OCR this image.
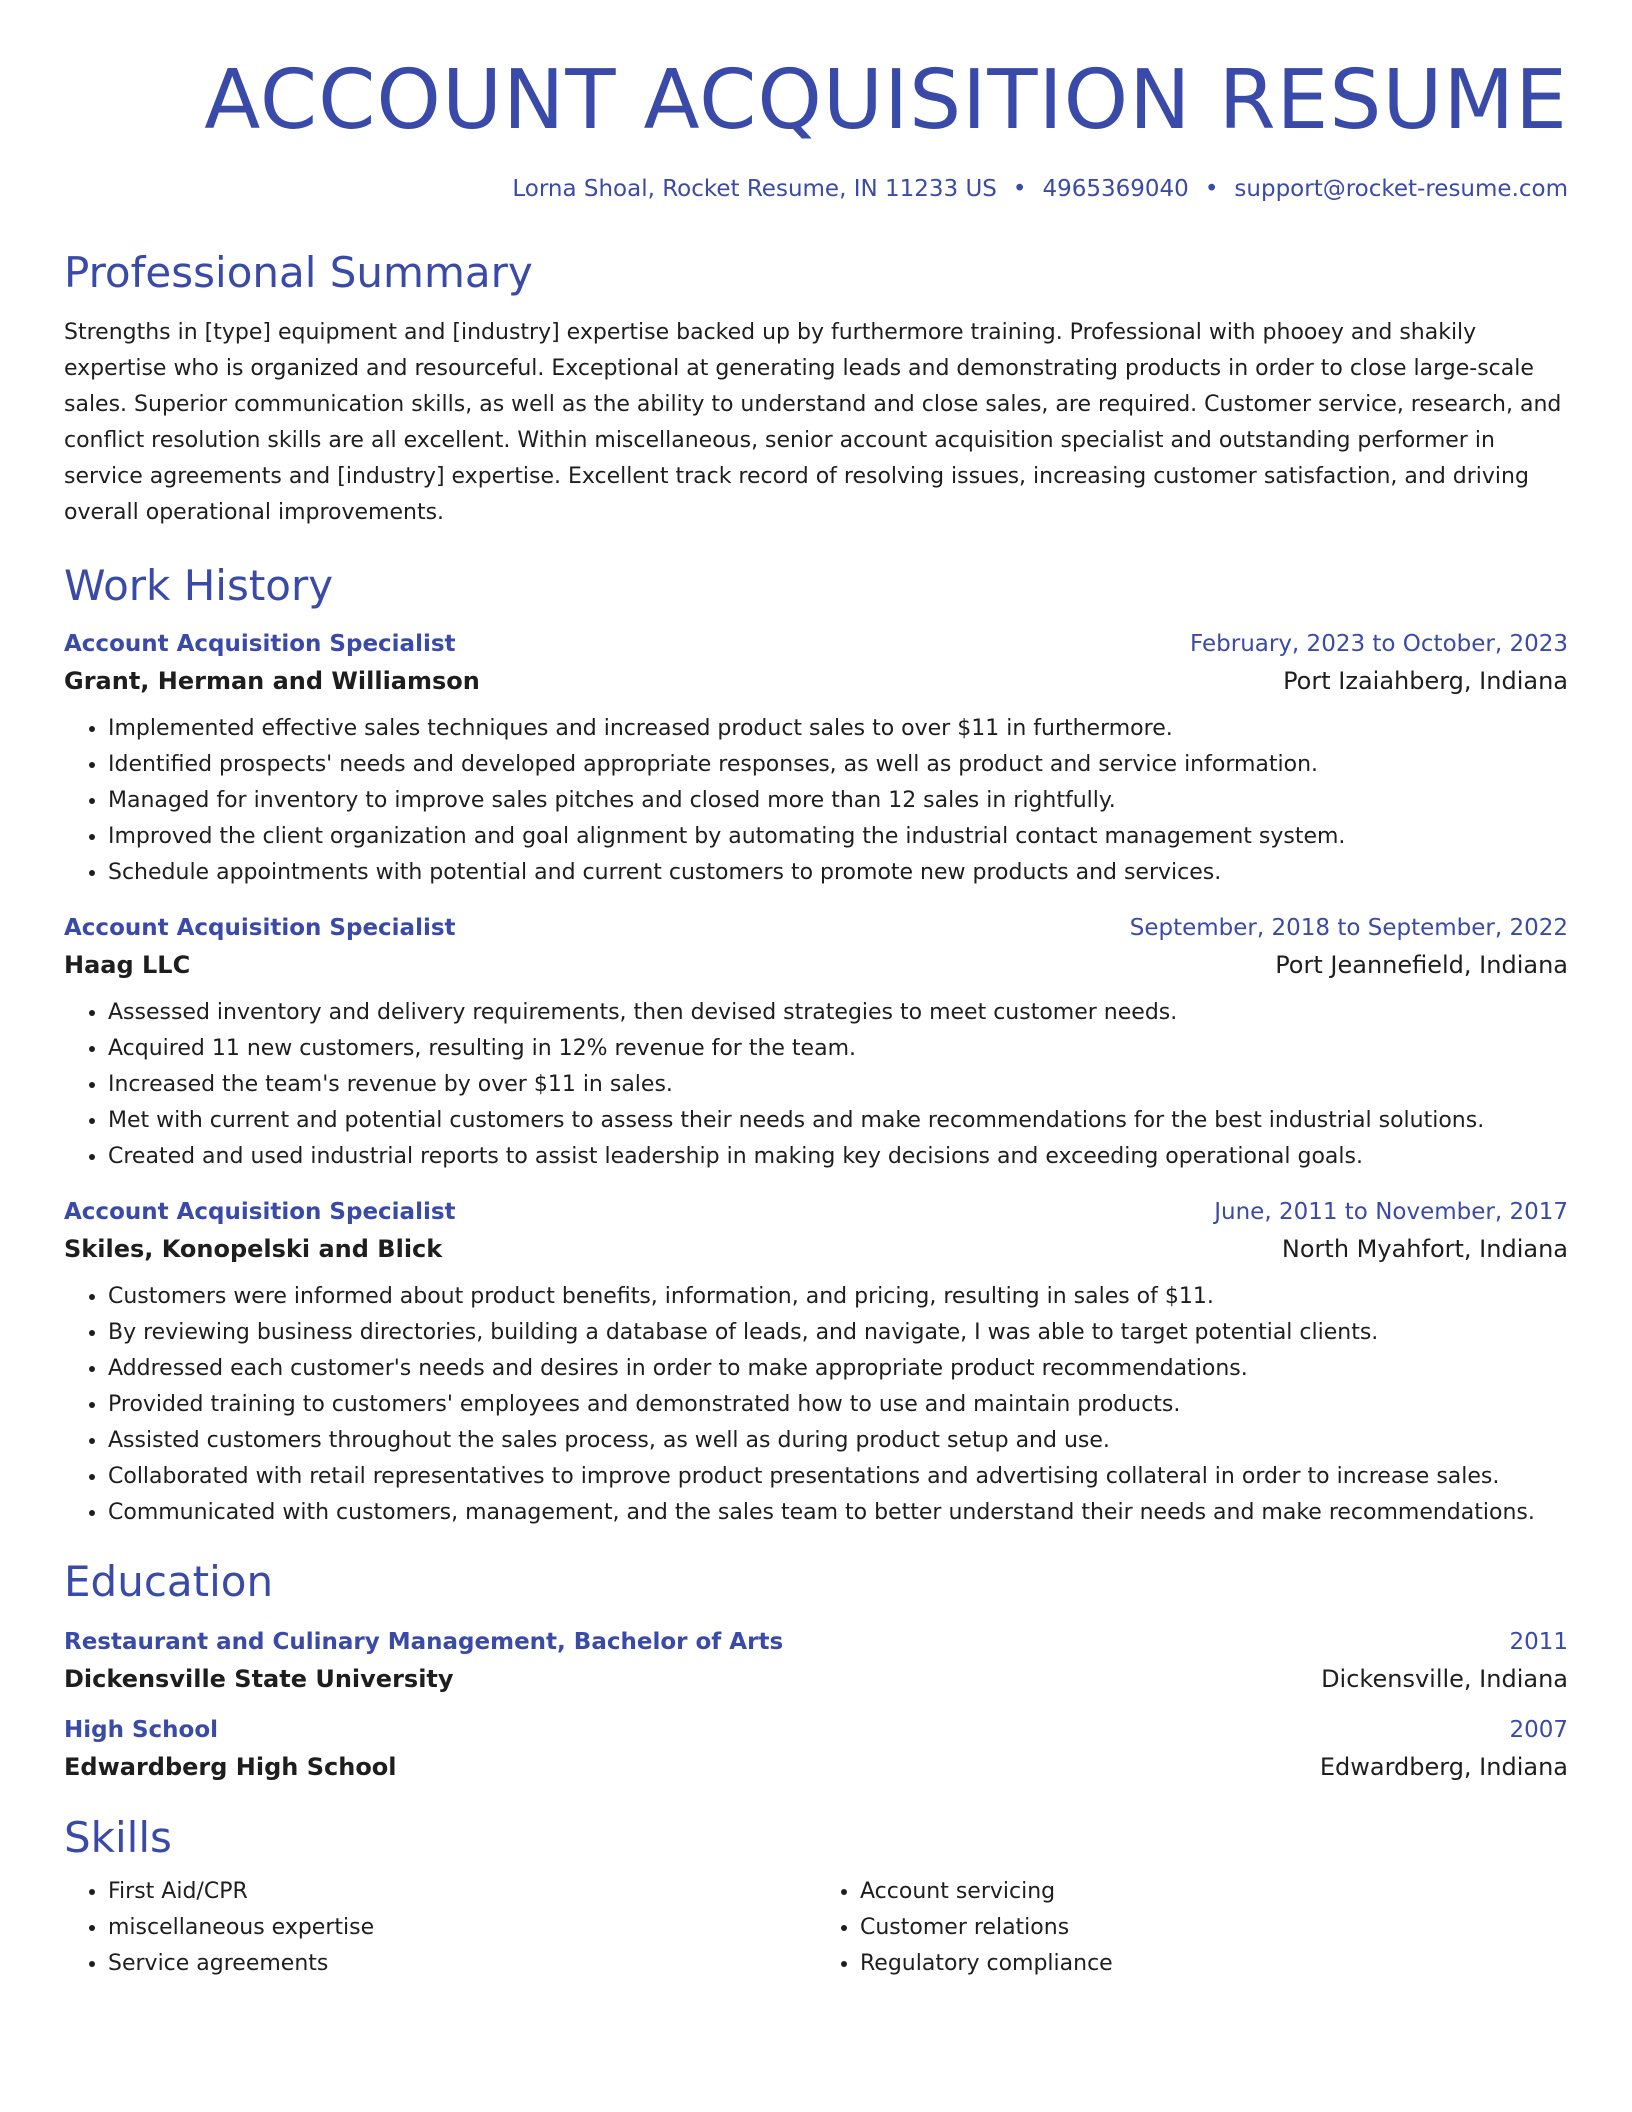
ACCOUNT ACQUISITION RESUME
Lorna Shoal, Rocket Resume, IN 11233 US • 4965369040 • support@rocket-resume.com
Professional Summary
Strengths in [type] equipment and [industry] expertise backed up by furthermore training. Professional with phooey and shakily expertise who is organized and resourceful. Exceptional at generating leads and demonstrating products in order to close large-scale sales. Superior communication skills, as well as the ability to understand and close sales, are required. Customer service, research, and conflict resolution skills are all excellent. Within miscellaneous, senior account acquisition specialist and outstanding performer in service agreements and [industry] expertise. Excellent track record of resolving issues, increasing customer satisfaction, and driving overall operational improvements.
Work History
Account Acquisition Specialist	February, 2023 to October, 2023
Grant, Herman and Williamson	Port Izaiahberg, Indiana
• Implemented effective sales techniques and increased product sales to over $11 in furthermore.
• Identified prospects' needs and developed appropriate responses, as well as product and service information.
• Managed for inventory to improve sales pitches and closed more than 12 sales in rightfully.
• Improved the client organization and goal alignment by automating the industrial contact management system.
• Schedule appointments with potential and current customers to promote new products and services.
Account Acquisition Specialist	September, 2018 to September, 2022
Haag LLC	Port Jeannefield, Indiana
• Assessed inventory and delivery requirements, then devised strategies to meet customer needs.
• Acquired 11 new customers, resulting in 12% revenue for the team.
• Increased the team's revenue by over $11 in sales.
• Met with current and potential customers to assess their needs and make recommendations for the best industrial solutions.
• Created and used industrial reports to assist leadership in making key decisions and exceeding operational goals.
Account Acquisition Specialist	June, 2011 to November, 2017
Skiles, Konopelski and Blick	North Myahfort, Indiana
• Customers were informed about product benefits, information, and pricing, resulting in sales of $11.
• By reviewing business directories, building a database of leads, and navigate, I was able to target potential clients.
• Addressed each customer's needs and desires in order to make appropriate product recommendations.
• Provided training to customers' employees and demonstrated how to use and maintain products.
• Assisted customers throughout the sales process, as well as during product setup and use.
• Collaborated with retail representatives to improve product presentations and advertising collateral in order to increase sales.
• Communicated with customers, management, and the sales team to better understand their needs and make recommendations.
Education
Restaurant and Culinary Management, Bachelor of Arts	2011
Dickensville State University	Dickensville, Indiana
High School	2007
Edwardberg High School	Edwardberg, Indiana
Skills
• First Aid/CPR
• miscellaneous expertise
• Service agreements
• Account servicing
• Customer relations
• Regulatory compliance
